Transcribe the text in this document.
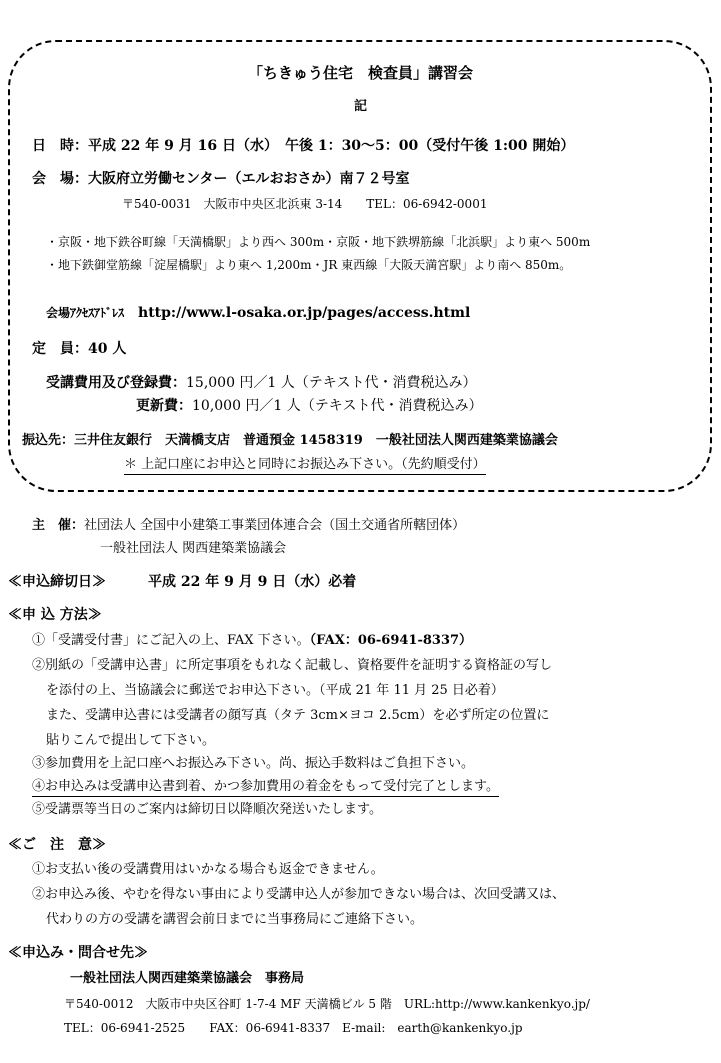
「ちきゅう住宅　検査員」講習会
記
日　時：平成 22 年 9 月 16 日（水）　午後 1：30～5：00（受付午後 1:00 開始）
会　場：大阪府立労働センター（エルおおさか）南７２号室
〒540-0031　大阪市中央区北浜東 3-14　　TEL：06-6942-0001
・京阪・地下鉄谷町線「天満橋駅」より西へ 300m・京阪・地下鉄堺筋線「北浜駅」より東へ 500m
・地下鉄御堂筋線「淀屋橋駅」より東へ 1,200m・JR 東西線「大阪天満宮駅」より南へ 850m。
会場ｱｸｾｽｱﾄﾞﾚｽ http://www.l-osaka.or.jp/pages/access.html
定　員：40 人
受講費用及び登録費：15,000 円／1 人（テキスト代・消費税込み）
更新費：10,000 円／1 人（テキスト代・消費税込み）
振込先：三井住友銀行　天満橋支店　普通預金 1458319　一般社団法人関西建築業協議会
＊ 上記口座にお申込と同時にお振込み下さい。（先約順受付）
主　催：社団法人 全国中小建築工事業団体連合会（国土交通省所轄団体）
一般社団法人 関西建築業協議会
≪申込締切日≫	平成 22 年 9 月 9 日（水）必着
≪申 込 方法≫
①「受講受付書」にご記入の上、FAX 下さい。（FAX：06-6941-8337）
②別紙の「受講申込書」に所定事項をもれなく記載し、資格要件を証明する資格証の写し
を添付の上、当協議会に郵送でお申込下さい。（平成 21 年 11 月 25 日必着）
また、受講申込書には受講者の顔写真（タテ 3cm×ヨコ 2.5cm）を必ず所定の位置に
貼りこんで提出して下さい。
③参加費用を上記口座へお振込み下さい。尚、振込手数料はご負担下さい。
④お申込みは受講申込書到着、かつ参加費用の着金をもって受付完了とします。
⑤受講票等当日のご案内は締切日以降順次発送いたします。
≪ご　注　意≫
①お支払い後の受講費用はいかなる場合も返金できません。
②お申込み後、やむを得ない事由により受講申込人が参加できない場合は、次回受講又は、
代わりの方の受講を講習会前日までに当事務局にご連絡下さい。
≪申込み・問合せ先≫
一般社団法人関西建築業協議会　事務局
〒540-0012　大阪市中央区谷町 1-7-4 MF 天満橋ビル 5 階　URL:http://www.kankenkyo.jp/
TEL：06-6941-2525　　FAX：06-6941-8337　E-mail:　earth@kankenkyo.jp
